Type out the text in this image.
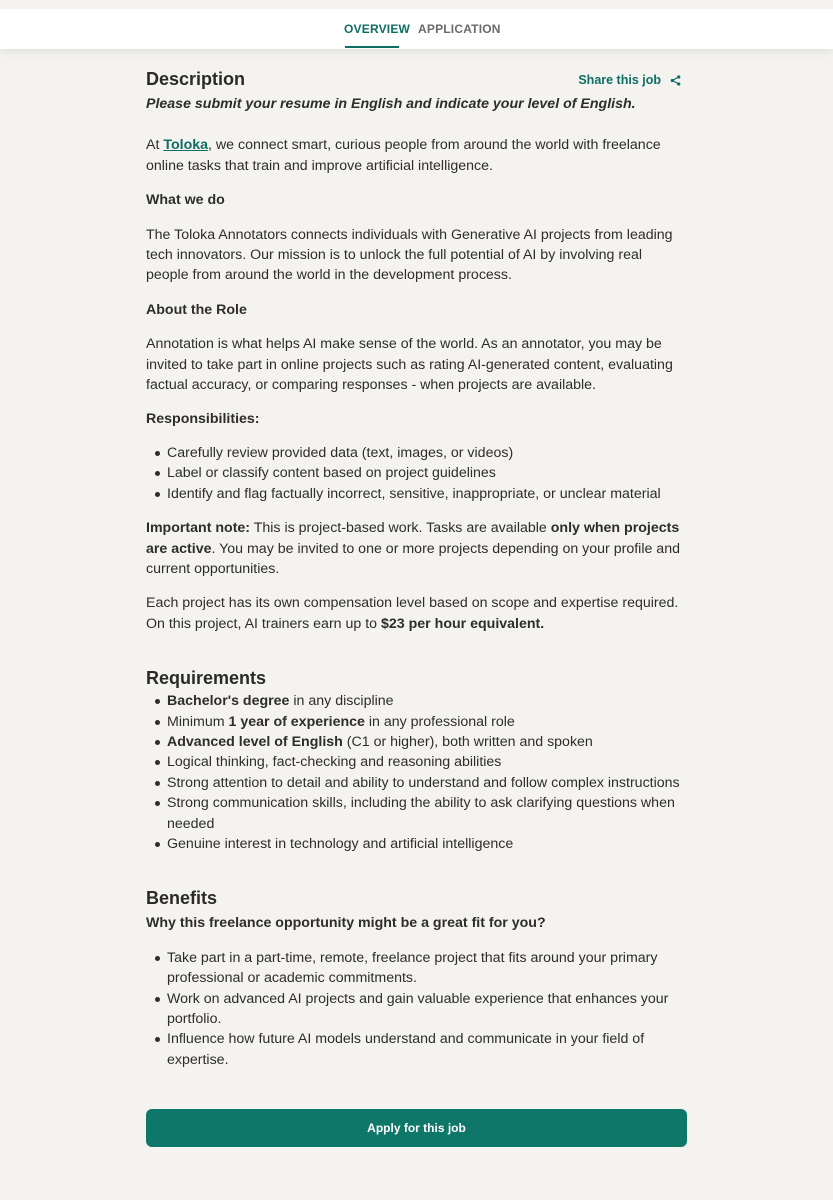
OVERVIEW APPLICATION
Description	Share this job

Please submit your resume in English and indicate your level of English.

At Toloka, we connect smart, curious people from around the world with freelance online tasks that train and improve artificial intelligence.

What we do

The Toloka Annotators connects individuals with Generative AI projects from leading tech innovators. Our mission is to unlock the full potential of AI by involving real people from around the world in the development process.

About the Role

Annotation is what helps AI make sense of the world. As an annotator, you may be invited to take part in online projects such as rating AI-generated content, evaluating factual accuracy, or comparing responses - when projects are available.

Responsibilities:

Carefully review provided data (text, images, or videos)
Label or classify content based on project guidelines
Identify and flag factually incorrect, sensitive, inappropriate, or unclear material

Important note: This is project-based work. Tasks are available only when projects are active. You may be invited to one or more projects depending on your profile and current opportunities.

Each project has its own compensation level based on scope and expertise required. On this project, AI trainers earn up to $23 per hour equivalent.

Requirements
Bachelor's degree in any discipline
Minimum 1 year of experience in any professional role
Advanced level of English (C1 or higher), both written and spoken
Logical thinking, fact-checking and reasoning abilities
Strong attention to detail and ability to understand and follow complex instructions
Strong communication skills, including the ability to ask clarifying questions when needed
Genuine interest in technology and artificial intelligence
Benefits

Why this freelance opportunity might be a great fit for you?

Take part in a part-time, remote, freelance project that fits around your primary professional or academic commitments.
Work on advanced AI projects and gain valuable experience that enhances your portfolio.
Influence how future AI models understand and communicate in your field of expertise.
Apply for this job
